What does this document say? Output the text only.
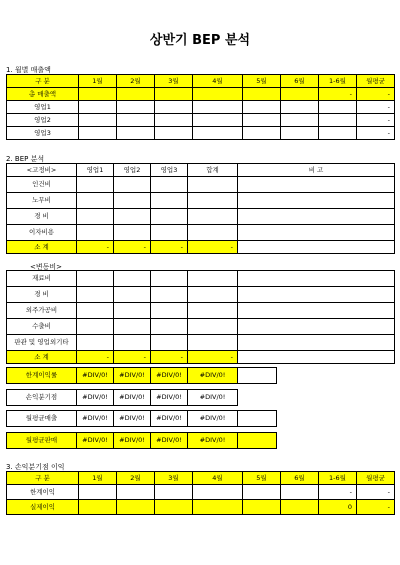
상반기 BEP 분석
1. 월별 매출액
구 분	1월	2월	3월	4월	5월	6월	1-6월	월평균
총 매출액							-	-
영업1								-
영업2								-
영업3								-
2. BEP 분석
<고정비>	영업1	영업2	영업3	합계	비 고
인건비					
노무비					
경 비					
이자비용					
소 계	-	-	-	-	
<변동비>
재료비					
경 비					
외주가공비					
수출비					
판관 및 영업외기타					
소 계	-	-	-	-	
한계이익률	#DIV/0!	#DIV/0!	#DIV/0!	#DIV/0!	
손익분기점	#DIV/0!	#DIV/0!	#DIV/0!	#DIV/0!	
월평균매출	#DIV/0!	#DIV/0!	#DIV/0!	#DIV/0!	
월평균판매	#DIV/0!	#DIV/0!	#DIV/0!	#DIV/0!	
3. 손익분기점 이익
구 분	1월	2월	3월	4월	5월	6월	1-6월	월평균
한계이익							-	-
실제이익							0	-
